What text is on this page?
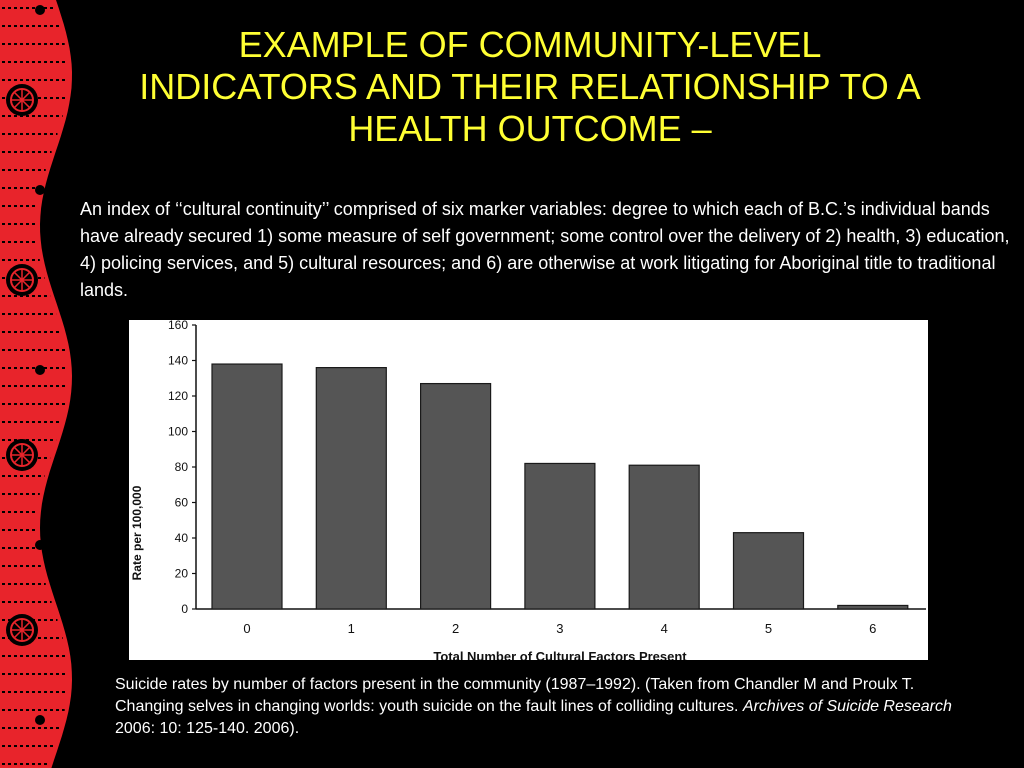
EXAMPLE OF COMMUNITY-LEVEL
INDICATORS AND THEIR RELATIONSHIP TO A
HEALTH OUTCOME –

An index of ‘‘cultural continuity’’ comprised of six marker variables: degree to which each of B.C.’s individual bands have already secured 1) some measure of self government; some control over the delivery of 2) health, 3) education, 4) policing services, and 5) cultural resources; and 6) are otherwise at work litigating for Aboriginal title to traditional lands.

0
20
40
60
80
100
120
140
160
0	1	2	3	4	5	6
Total Number of Cultural Factors Present
Rate per 100,000

Suicide rates by number of factors present in the community (1987–1992). (Taken from Chandler M and Proulx T. Changing selves in changing worlds: youth suicide on the fault lines of colliding cultures. Archives of Suicide Research 2006: 10: 125-140. 2006).
